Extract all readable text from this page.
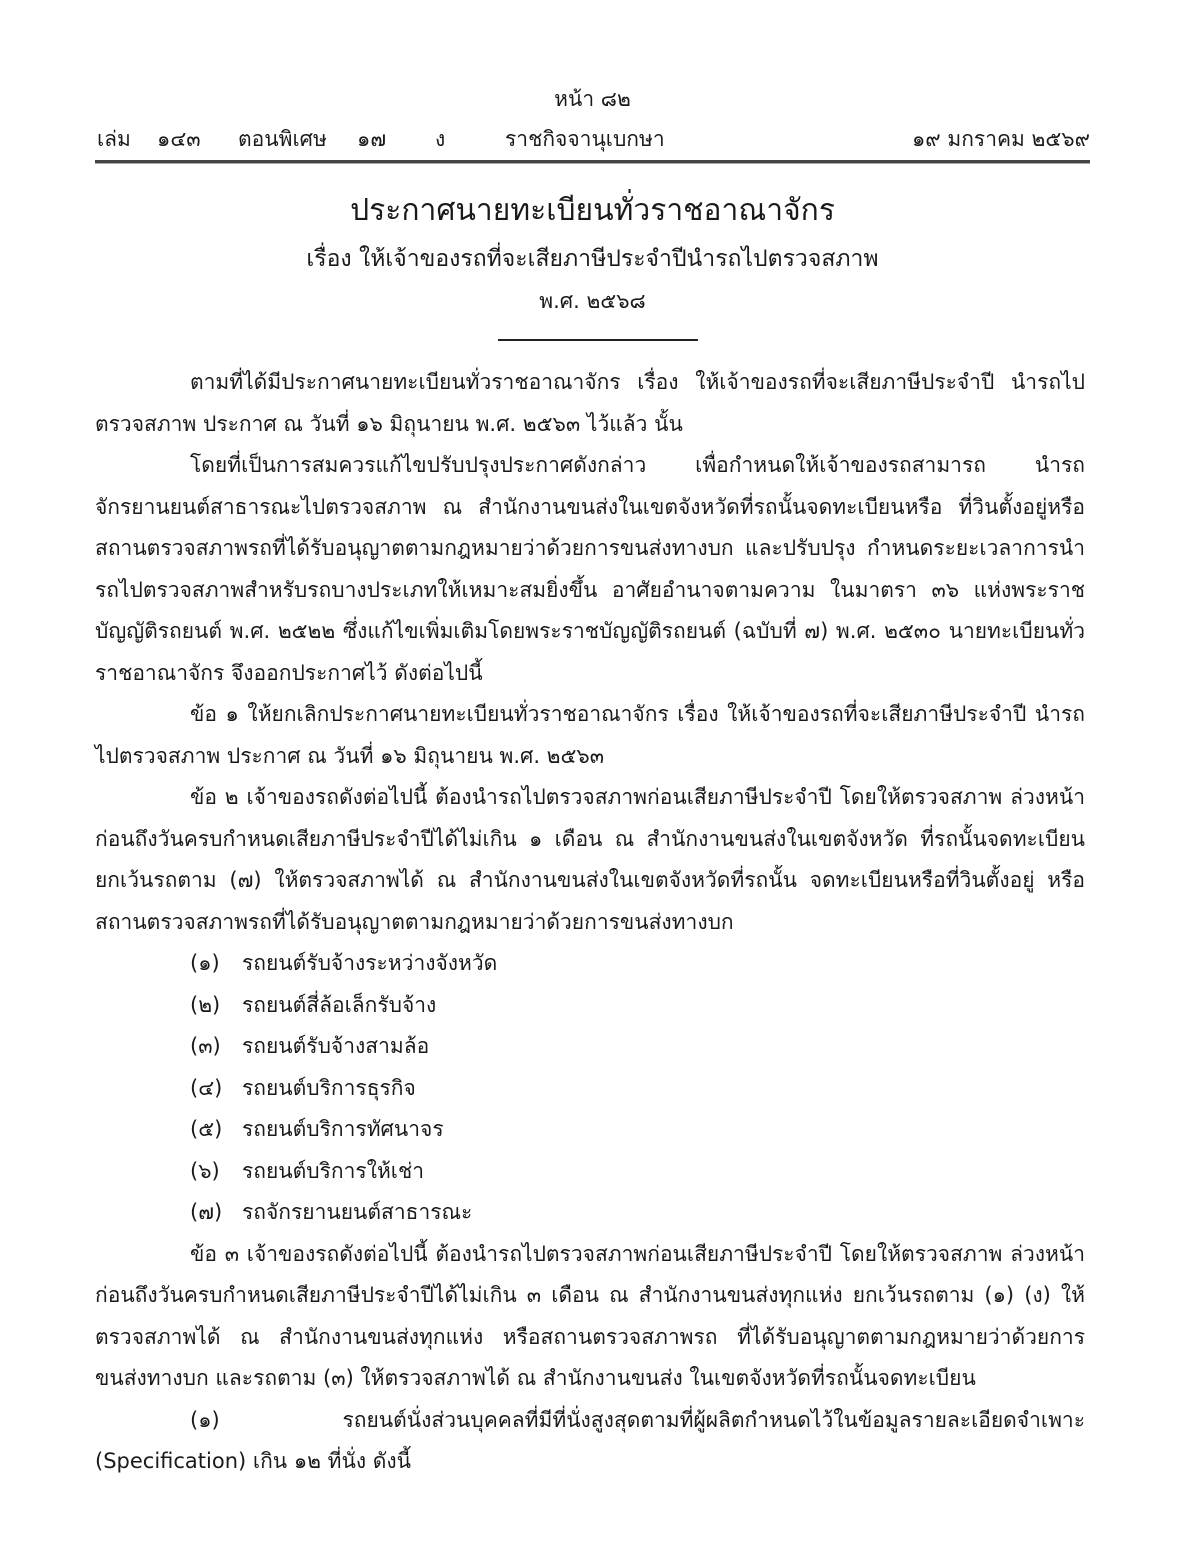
หน้า ๘๒
เล่ม ๑๔๓ ตอนพิเศษ ๑๗ ง	ราชกิจจานุเบกษา	๑๙ มกราคม ๒๕๖๙
ประกาศนายทะเบียนทั่วราชอาณาจักร
เรื่อง ให้เจ้าของรถที่จะเสียภาษีประจำปีนำรถไปตรวจสภาพ
พ.ศ. ๒๕๖๘

ตามที่ได้มีประกาศนายทะเบียนทั่วราชอาณาจักร เรื่อง ให้เจ้าของรถที่จะเสียภาษีประจำปี นำรถไปตรวจสภาพ ประกาศ ณ วันที่ ๑๖ มิถุนายน พ.ศ. ๒๕๖๓ ไว้แล้ว นั้น

โดยที่เป็นการสมควรแก้ไขปรับปรุงประกาศดังกล่าว เพื่อกำหนดให้เจ้าของรถสามารถ นำรถจักรยานยนต์สาธารณะไปตรวจสภาพ ณ สำนักงานขนส่งในเขตจังหวัดที่รถนั้นจดทะเบียนหรือ ที่วินตั้งอยู่หรือสถานตรวจสภาพรถที่ได้รับอนุญาตตามกฎหมายว่าด้วยการขนส่งทางบก และปรับปรุง กำหนดระยะเวลาการนำรถไปตรวจสภาพสำหรับรถบางประเภทให้เหมาะสมยิ่งขึ้น อาศัยอำนาจตามความ ในมาตรา ๓๖ แห่งพระราชบัญญัติรถยนต์ พ.ศ. ๒๕๒๒ ซึ่งแก้ไขเพิ่มเติมโดยพระราชบัญญัติรถยนต์ (ฉบับที่ ๗) พ.ศ. ๒๕๓๐ นายทะเบียนทั่วราชอาณาจักร จึงออกประกาศไว้ ดังต่อไปนี้

ข้อ ๑ ให้ยกเลิกประกาศนายทะเบียนทั่วราชอาณาจักร เรื่อง ให้เจ้าของรถที่จะเสียภาษีประจำปี นำรถไปตรวจสภาพ ประกาศ ณ วันที่ ๑๖ มิถุนายน พ.ศ. ๒๕๖๓

ข้อ ๒ เจ้าของรถดังต่อไปนี้ ต้องนำรถไปตรวจสภาพก่อนเสียภาษีประจำปี โดยให้ตรวจสภาพ ล่วงหน้าก่อนถึงวันครบกำหนดเสียภาษีประจำปีได้ไม่เกิน ๑ เดือน ณ สำนักงานขนส่งในเขตจังหวัด ที่รถนั้นจดทะเบียน ยกเว้นรถตาม (๗) ให้ตรวจสภาพได้ ณ สำนักงานขนส่งในเขตจังหวัดที่รถนั้น จดทะเบียนหรือที่วินตั้งอยู่ หรือสถานตรวจสภาพรถที่ได้รับอนุญาตตามกฎหมายว่าด้วยการขนส่งทางบก

(๑) รถยนต์รับจ้างระหว่างจังหวัด

(๒) รถยนต์สี่ล้อเล็กรับจ้าง

(๓) รถยนต์รับจ้างสามล้อ

(๔) รถยนต์บริการธุรกิจ

(๕) รถยนต์บริการทัศนาจร

(๖) รถยนต์บริการให้เช่า

(๗) รถจักรยานยนต์สาธารณะ

ข้อ ๓ เจ้าของรถดังต่อไปนี้ ต้องนำรถไปตรวจสภาพก่อนเสียภาษีประจำปี โดยให้ตรวจสภาพ ล่วงหน้าก่อนถึงวันครบกำหนดเสียภาษีประจำปีได้ไม่เกิน ๓ เดือน ณ สำนักงานขนส่งทุกแห่ง ยกเว้นรถตาม (๑) (ง) ให้ตรวจสภาพได้ ณ สำนักงานขนส่งทุกแห่ง หรือสถานตรวจสภาพรถ ที่ได้รับอนุญาตตามกฎหมายว่าด้วยการขนส่งทางบก และรถตาม (๓) ให้ตรวจสภาพได้ ณ สำนักงานขนส่ง ในเขตจังหวัดที่รถนั้นจดทะเบียน

(๑) รถยนต์นั่งส่วนบุคคลที่มีที่นั่งสูงสุดตามที่ผู้ผลิตกำหนดไว้ในข้อมูลรายละเอียดจำเพาะ (Specification) เกิน ๑๒ ที่นั่ง ดังนี้
